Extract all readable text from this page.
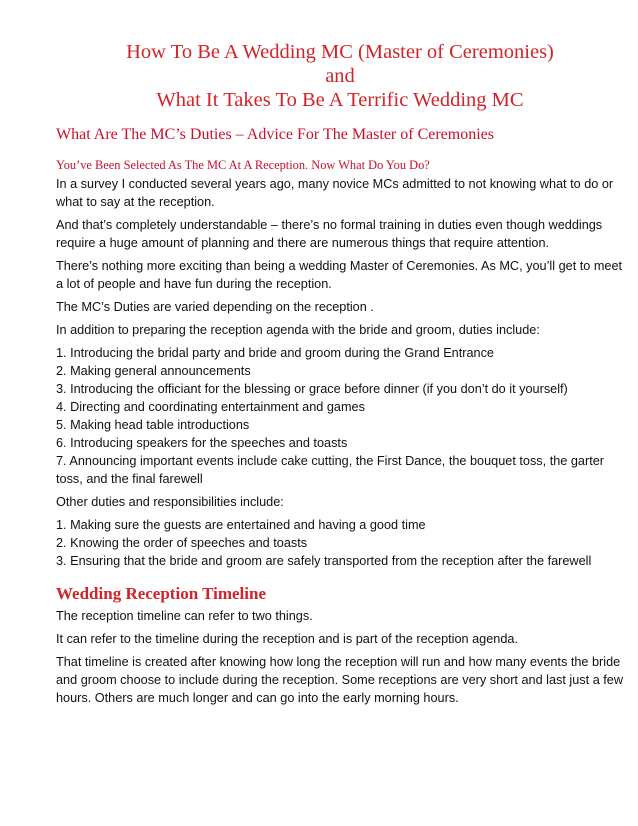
How To Be A Wedding MC (Master of Ceremonies)
and
What It Takes To Be A Terrific Wedding MC
What Are The MC’s Duties – Advice For The Master of Ceremonies
You’ve Been Selected As The MC At A Reception. Now What Do You Do?

In a survey I conducted several years ago, many novice MCs admitted to not knowing what to do or what to say at the reception.

And that’s completely understandable – there’s no formal training in duties even though weddings require a huge amount of planning and there are numerous things that require attention.

There’s nothing more exciting than being a wedding Master of Ceremonies. As MC, you’ll get to meet a lot of people and have fun during the reception.

The MC’s Duties are varied depending on the reception .

In addition to preparing the reception agenda with the bride and groom, duties include:

1. Introducing the bridal party and bride and groom during the Grand Entrance
2. Making general announcements
3. Introducing the officiant for the blessing or grace before dinner (if you don’t do it yourself)
4. Directing and coordinating entertainment and games
5. Making head table introductions
6. Introducing speakers for the speeches and toasts
7. Announcing important events include cake cutting, the First Dance, the bouquet toss, the garter toss, and the final farewell

Other duties and responsibilities include:

1. Making sure the guests are entertained and having a good time
2. Knowing the order of speeches and toasts
3. Ensuring that the bride and groom are safely transported from the reception after the farewell
Wedding Reception Timeline

The reception timeline can refer to two things.

It can refer to the timeline during the reception and is part of the reception agenda.

That timeline is created after knowing how long the reception will run and how many events the bride and groom choose to include during the reception. Some receptions are very short and last just a few hours. Others are much longer and can go into the early morning hours.
